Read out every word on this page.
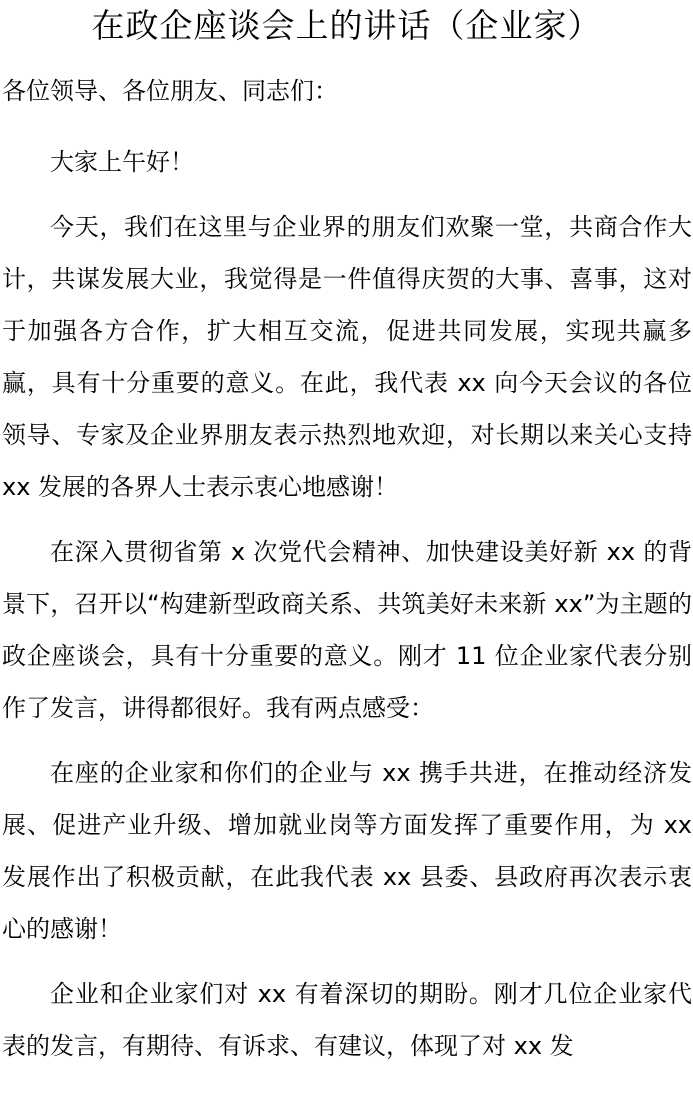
在政企座谈会上的讲话（企业家）
各位领导、各位朋友、同志们：

大家上午好！

今天，我们在这里与企业界的朋友们欢聚一堂，共商合作大计，共谋发展大业，我觉得是一件值得庆贺的大事、喜事，这对于加强各方合作，扩大相互交流，促进共同发展，实现共赢多赢，具有十分重要的意义。在此，我代表 xx 向今天会议的各位领导、专家及企业界朋友表示热烈地欢迎，对长期以来关心支持 xx 发展的各界人士表示衷心地感谢！

在深入贯彻省第 x 次党代会精神、加快建设美好新 xx 的背景下，召开以“构建新型政商关系、共筑美好未来新 xx”为主题的政企座谈会，具有十分重要的意义。刚才 11 位企业家代表分别作了发言，讲得都很好。我有两点感受：

在座的企业家和你们的企业与 xx 携手共进，在推动经济发展、促进产业升级、增加就业岗等方面发挥了重要作用，为 xx 发展作出了积极贡献，在此我代表 xx 县委、县政府再次表示衷心的感谢！

企业和企业家们对 xx 有着深切的期盼。刚才几位企业家代表的发言，有期待、有诉求、有建议，体现了对 xx 发
